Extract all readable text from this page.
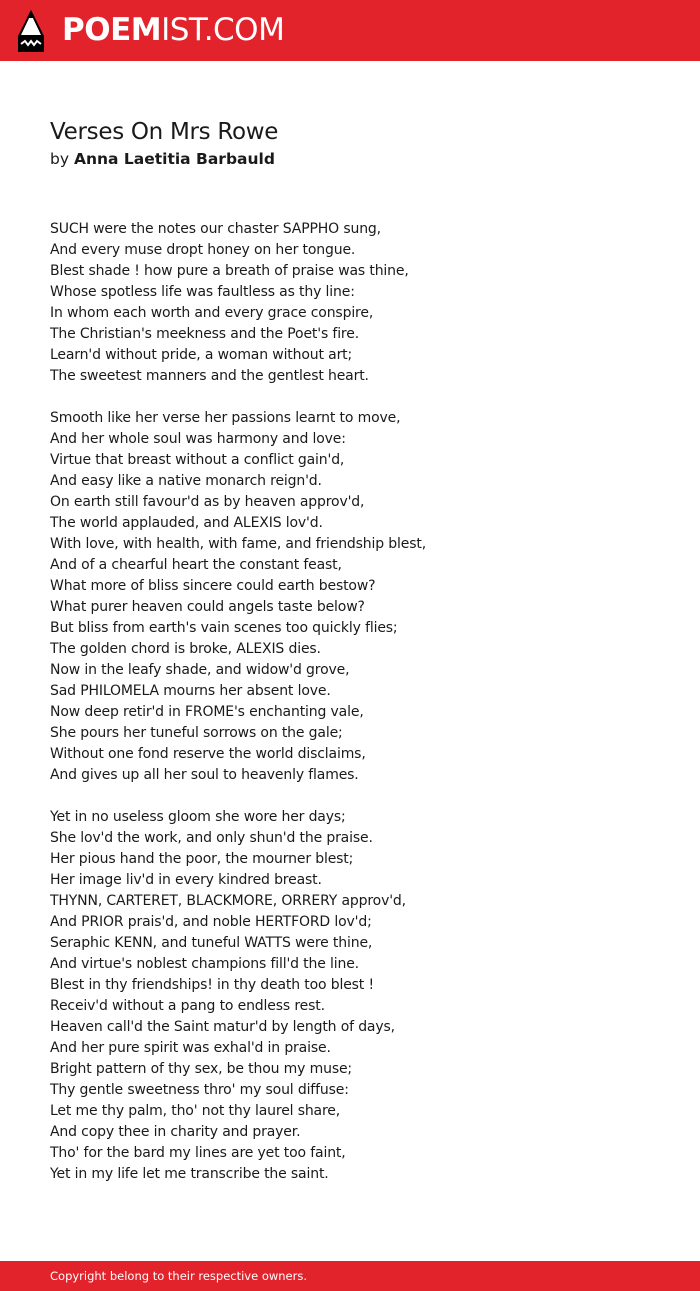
POEMIST.COM
Verses On Mrs Rowe
by Anna Laetitia Barbauld
SUCH were the notes our chaster SAPPHO sung,
And every muse dropt honey on her tongue.
Blest shade ! how pure a breath of praise was thine,
Whose spotless life was faultless as thy line:
In whom each worth and every grace conspire,
The Christian's meekness and the Poet's fire.
Learn'd without pride, a woman without art;
The sweetest manners and the gentlest heart.
Smooth like her verse her passions learnt to move,
And her whole soul was harmony and love:
Virtue that breast without a conflict gain'd,
And easy like a native monarch reign'd.
On earth still favour'd as by heaven approv'd,
The world applauded, and ALEXIS lov'd.
With love, with health, with fame, and friendship blest,
And of a chearful heart the constant feast,
What more of bliss sincere could earth bestow?
What purer heaven could angels taste below?
But bliss from earth's vain scenes too quickly flies;
The golden chord is broke, ALEXIS dies.
Now in the leafy shade, and widow'd grove,
Sad PHILOMELA mourns her absent love.
Now deep retir'd in FROME's enchanting vale,
She pours her tuneful sorrows on the gale;
Without one fond reserve the world disclaims,
And gives up all her soul to heavenly flames.
Yet in no useless gloom she wore her days;
She lov'd the work, and only shun'd the praise.
Her pious hand the poor, the mourner blest;
Her image liv'd in every kindred breast.
THYNN, CARTERET, BLACKMORE, ORRERY approv'd,
And PRIOR prais'd, and noble HERTFORD lov'd;
Seraphic KENN, and tuneful WATTS were thine,
And virtue's noblest champions fill'd the line.
Blest in thy friendships! in thy death too blest !
Receiv'd without a pang to endless rest.
Heaven call'd the Saint matur'd by length of days,
And her pure spirit was exhal'd in praise.
Bright pattern of thy sex, be thou my muse;
Thy gentle sweetness thro' my soul diffuse:
Let me thy palm, tho' not thy laurel share,
And copy thee in charity and prayer.
Tho' for the bard my lines are yet too faint,
Yet in my life let me transcribe the saint.
Copyright belong to their respective owners.
